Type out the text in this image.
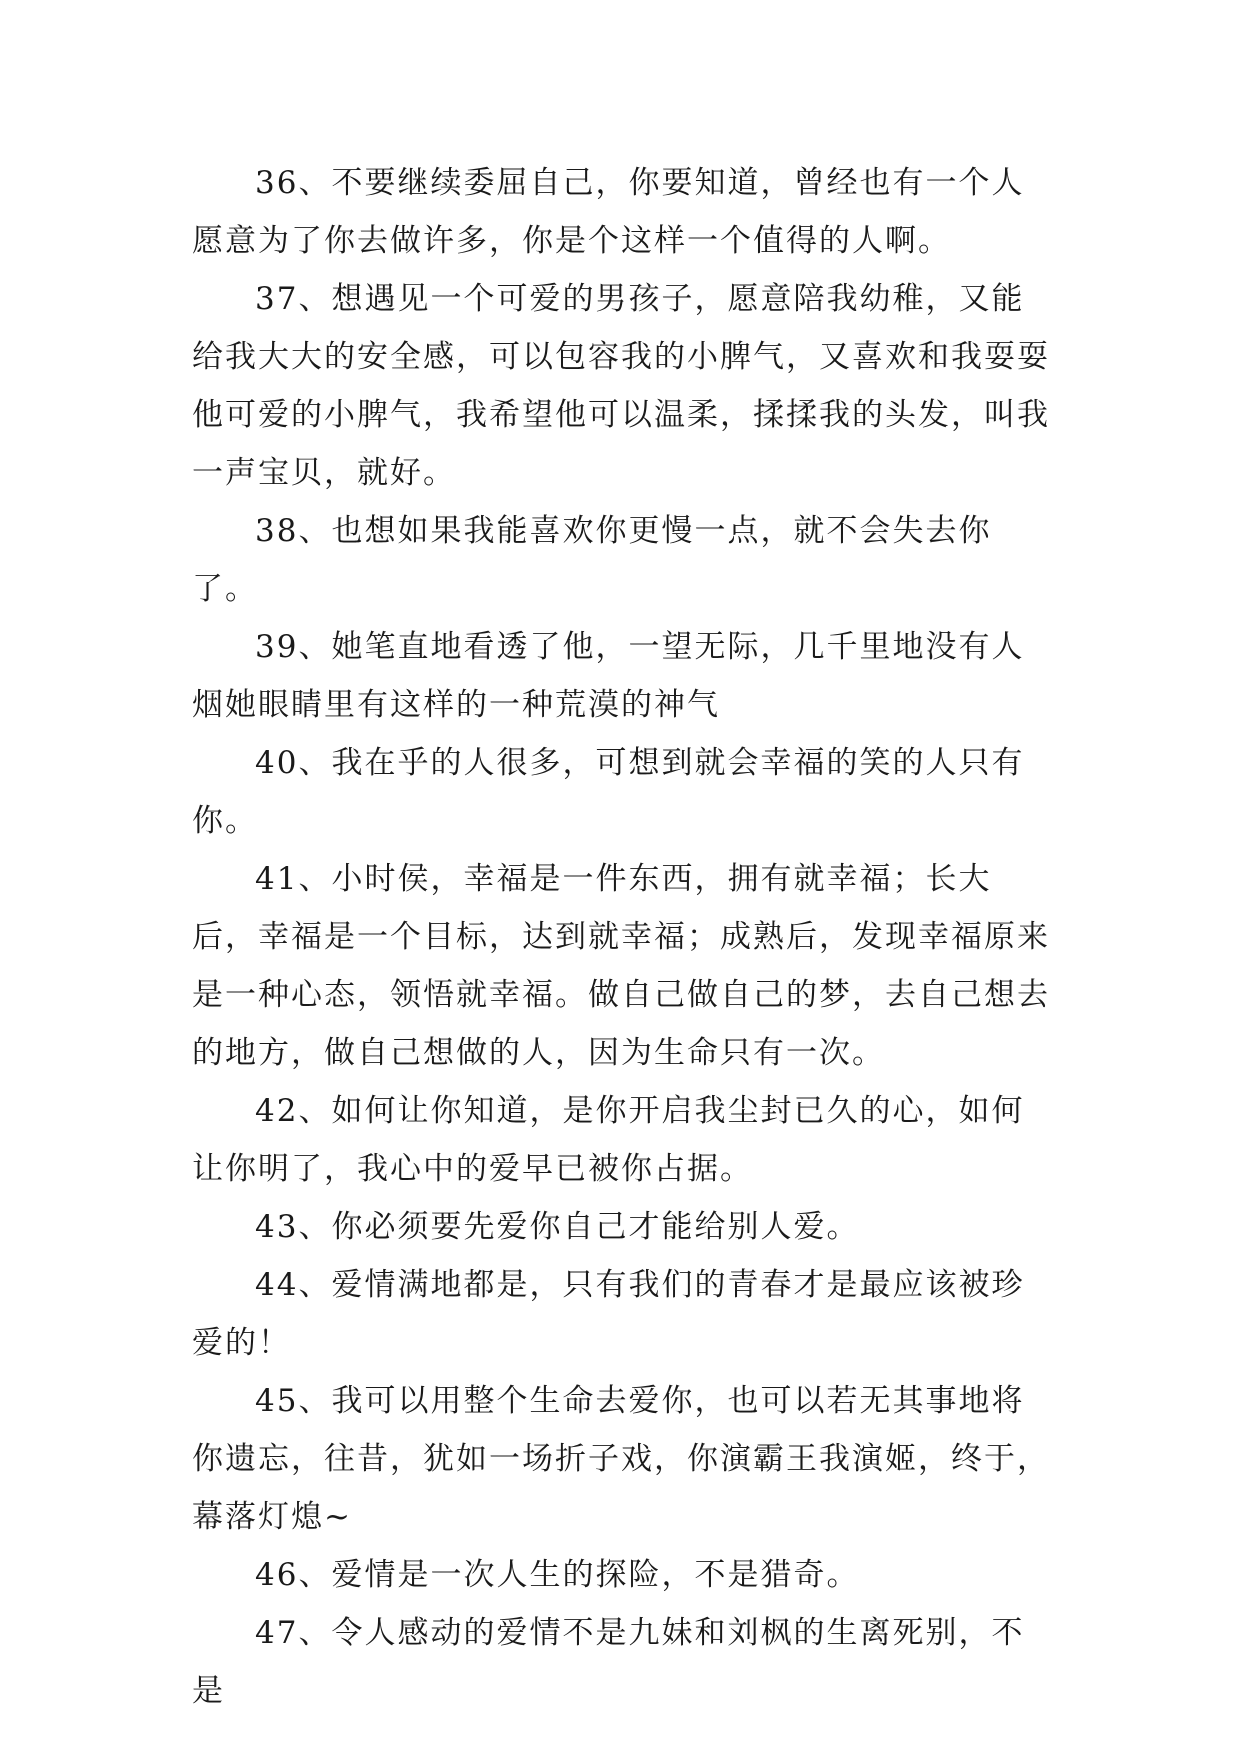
36、不要继续委屈自己，你要知道，曾经也有一个人愿意为了你去做许多，你是个这样一个值得的人啊。

37、想遇见一个可爱的男孩子，愿意陪我幼稚，又能给我大大的安全感，可以包容我的小脾气，又喜欢和我耍耍他可爱的小脾气，我希望他可以温柔，揉揉我的头发，叫我一声宝贝，就好。

38、也想如果我能喜欢你更慢一点，就不会失去你了。

39、她笔直地看透了他，一望无际，几千里地没有人烟她眼睛里有这样的一种荒漠的神气

40、我在乎的人很多，可想到就会幸福的笑的人只有你。

41、小时侯，幸福是一件东西，拥有就幸福；长大后，幸福是一个目标，达到就幸福；成熟后，发现幸福原来是一种心态，领悟就幸福。做自己做自己的梦，去自己想去的地方，做自己想做的人，因为生命只有一次。

42、如何让你知道，是你开启我尘封已久的心，如何让你明了，我心中的爱早已被你占据。

43、你必须要先爱你自己才能给别人爱。

44、爱情满地都是，只有我们的青春才是最应该被珍爱的！

45、我可以用整个生命去爱你，也可以若无其事地将你遗忘，往昔，犹如一场折子戏，你演霸王我演姬，终于，幕落灯熄~

46、爱情是一次人生的探险，不是猎奇。

47、令人感动的爱情不是九妹和刘枫的生离死别，不是
